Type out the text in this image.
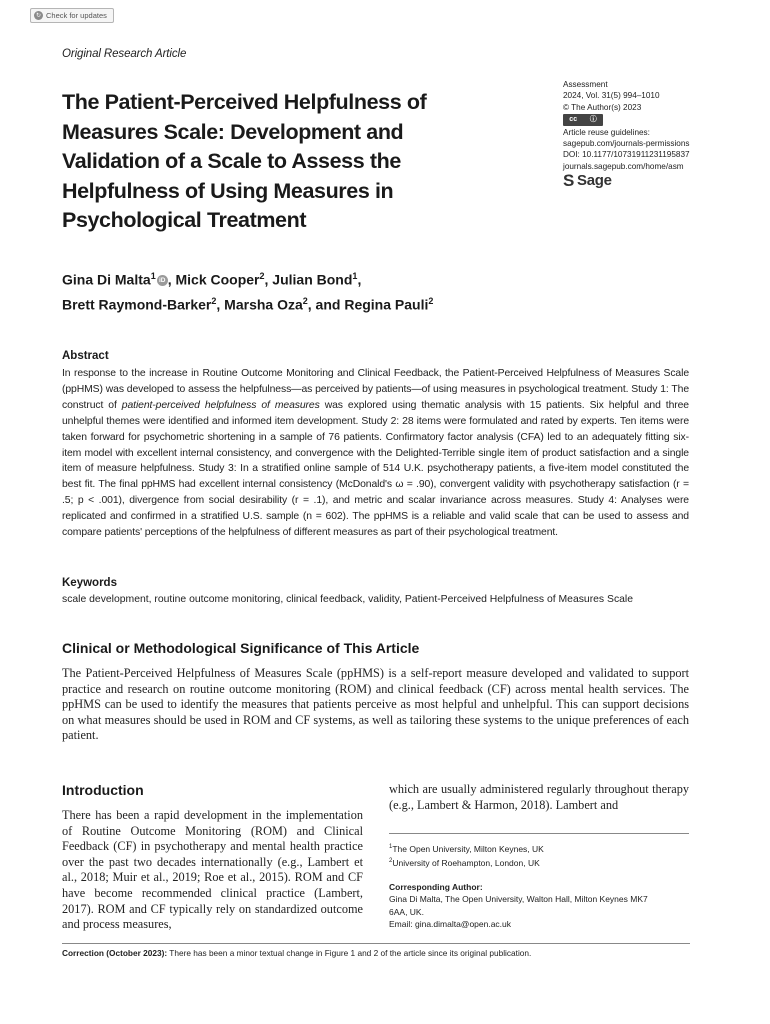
↻ Check for updates
Original Research Article
Assessment
2024, Vol. 31(5) 994–1010
© The Author(s) 2023
cc ⓘ
Article reuse guidelines:
sagepub.com/journals-permissions
DOI: 10.1177/10731911231195837
journals.sagepub.com/home/asm
S Sage
The Patient-Perceived Helpfulness of Measures Scale: Development and Validation of a Scale to Assess the Helpfulness of Using Measures in Psychological Treatment
Gina Di Malta$^1$ iD , Mick Cooper$^2$, Julian Bond$^1$,
Brett Raymond-Barker$^2$, Marsha Oza$^2$, and Regina Pauli$^2$
Abstract
In response to the increase in Routine Outcome Monitoring and Clinical Feedback, the Patient-Perceived Helpfulness of Measures Scale (ppHMS) was developed to assess the helpfulness—as perceived by patients—of using measures in psychological treatment. Study 1: The construct of patient-perceived helpfulness of measures was explored using thematic analysis with 15 patients. Six helpful and three unhelpful themes were identified and informed item development. Study 2: 28 items were formulated and rated by experts. Ten items were taken forward for psychometric shortening in a sample of 76 patients. Confirmatory factor analysis (CFA) led to an adequately fitting six-item model with excellent internal consistency, and convergence with the Delighted-Terrible single item of product satisfaction and a single item of measure helpfulness. Study 3: In a stratified online sample of 514 U.K. psychotherapy patients, a five-item model constituted the best fit. The final ppHMS had excellent internal consistency (McDonald's ω = .90), convergent validity with psychotherapy satisfaction (r = .5; p < .001), divergence from social desirability (r = .1), and metric and scalar invariance across measures. Study 4: Analyses were replicated and confirmed in a stratified U.S. sample (n = 602). The ppHMS is a reliable and valid scale that can be used to assess and compare patients' perceptions of the helpfulness of different measures as part of their psychological treatment.
Keywords
scale development, routine outcome monitoring, clinical feedback, validity, Patient-Perceived Helpfulness of Measures Scale
Clinical or Methodological Significance of This Article
The Patient-Perceived Helpfulness of Measures Scale (ppHMS) is a self-report measure developed and validated to support practice and research on routine outcome monitoring (ROM) and clinical feedback (CF) across mental health services. The ppHMS can be used to identify the measures that patients perceive as most helpful and unhelpful. This can support decisions on what measures should be used in ROM and CF systems, as well as tailoring these systems to the unique preferences of each patient.
Introduction
There has been a rapid development in the implementation of Routine Outcome Monitoring (ROM) and Clinical Feedback (CF) in psychotherapy and mental health practice over the past two decades internationally (e.g., Lambert et al., 2018; Muir et al., 2019; Roe et al., 2015). ROM and CF have become recommended clinical practice (Lambert, 2017). ROM and CF typically rely on standardized outcome and process measures,
which are usually administered regularly throughout therapy (e.g., Lambert & Harmon, 2018). Lambert and
$^1$The Open University, Milton Keynes, UK
$^2$University of Roehampton, London, UK
Corresponding Author:
Gina Di Malta, The Open University, Walton Hall, Milton Keynes MK7
6AA, UK.
Email: gina.dimalta@open.ac.uk
Correction (October 2023): There has been a minor textual change in Figure 1 and 2 of the article since its original publication.
